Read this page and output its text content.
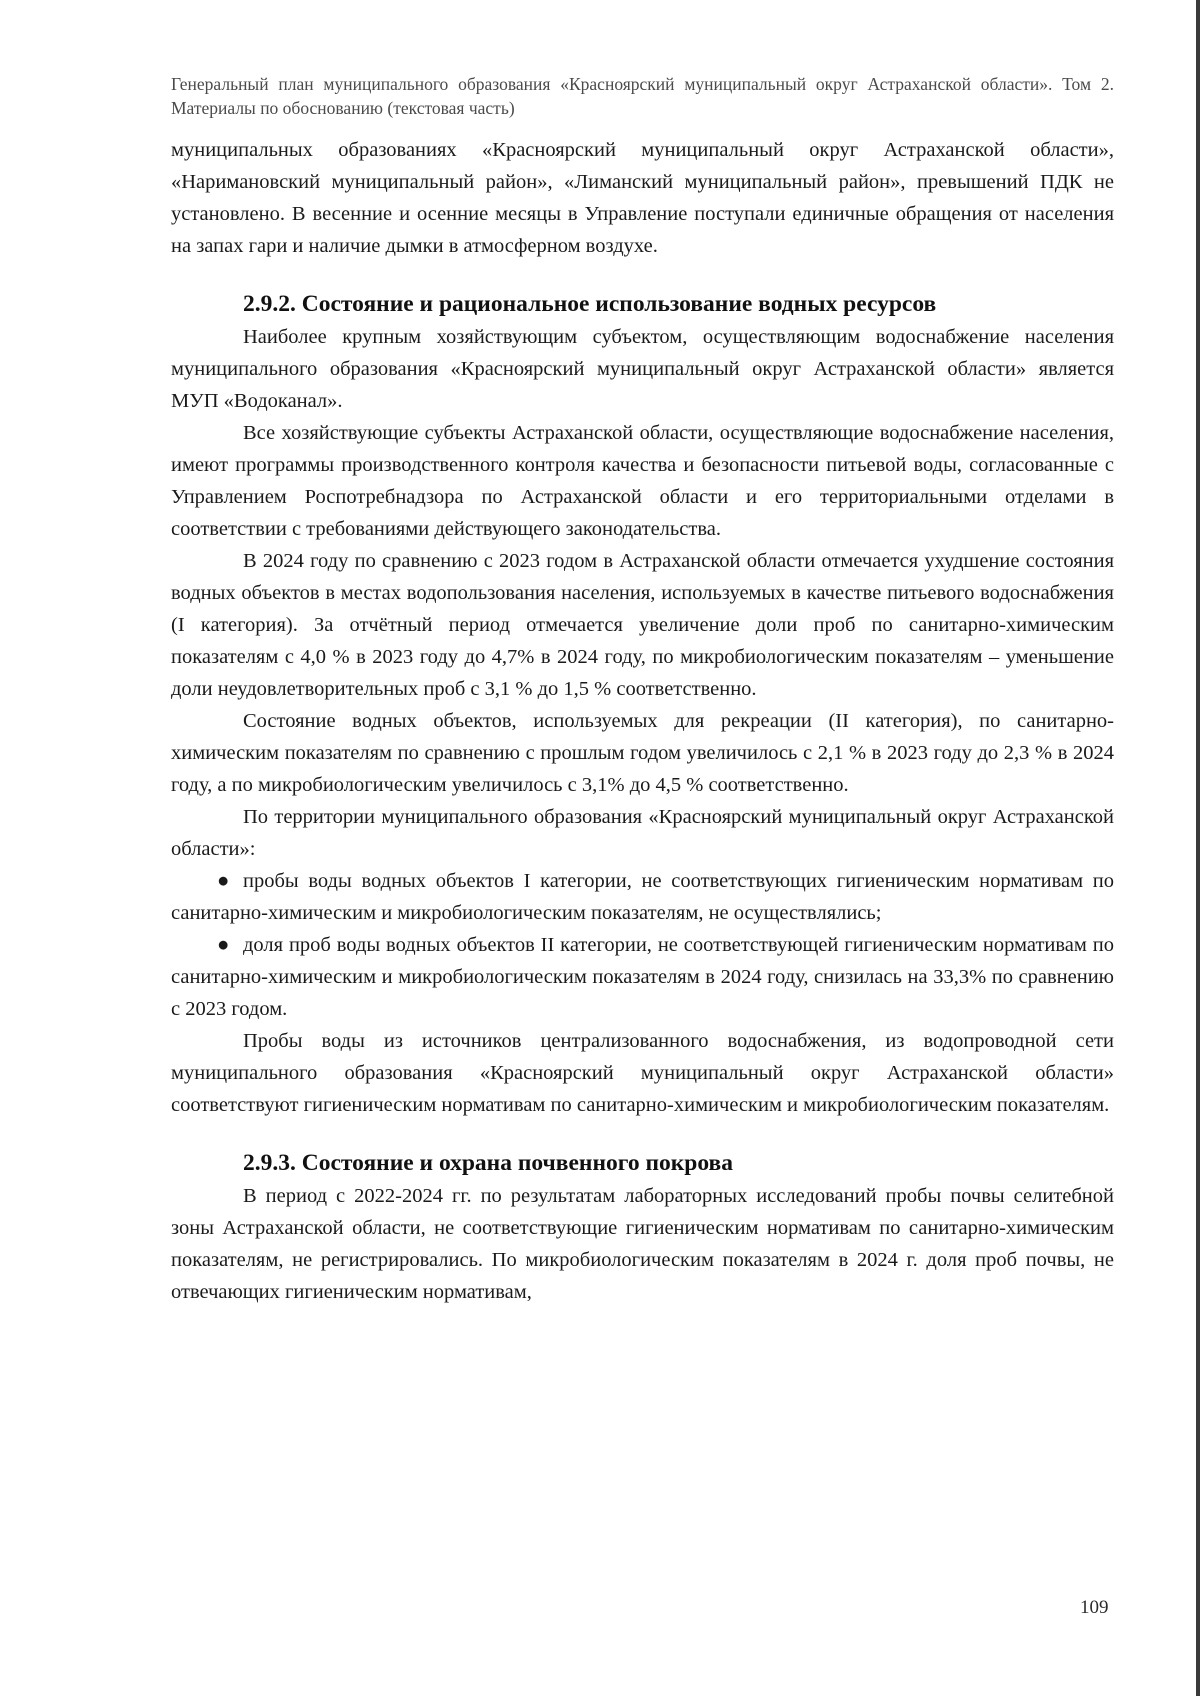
Генеральный план муниципального образования «Красноярский муниципальный округ Астраханской области». Том 2. Материалы по обоснованию (текстовая часть)

муниципальных образованиях «Красноярский муниципальный округ Астраханской области», «Наримановский муниципальный район», «Лиманский муниципальный район», превышений ПДК не установлено. В весенние и осенние месяцы в Управление поступали единичные обращения от населения на запах гари и наличие дымки в атмосферном воздухе.

2.9.2. Состояние и рациональное использование водных ресурсов

Наиболее крупным хозяйствующим субъектом, осуществляющим водоснабжение населения муниципального образования «Красноярский муниципальный округ Астраханской области» является МУП «Водоканал».

Все хозяйствующие субъекты Астраханской области, осуществляющие водоснабжение населения, имеют программы производственного контроля качества и безопасности питьевой воды, согласованные с Управлением Роспотребнадзора по Астраханской области и его территориальными отделами в соответствии с требованиями действующего законодательства.

В 2024 году по сравнению с 2023 годом в Астраханской области отмечается ухудшение состояния водных объектов в местах водопользования населения, используемых в качестве питьевого водоснабжения (I категория). За отчётный период отмечается увеличение доли проб по санитарно-химическим показателям с 4,0 % в 2023 году до 4,7% в 2024 году, по микробиологическим показателям – уменьшение доли неудовлетворительных проб с 3,1 % до 1,5 % соответственно.

Состояние водных объектов, используемых для рекреации (II категория), по санитарно-химическим показателям по сравнению с прошлым годом увеличилось с 2,1 % в 2023 году до 2,3 % в 2024 году, а по микробиологическим увеличилось с 3,1% до 4,5 % соответственно.

По территории муниципального образования «Красноярский муниципальный округ Астраханской области»:

● пробы воды водных объектов I категории, не соответствующих гигиеническим нормативам по санитарно-химическим и микробиологическим показателям, не осуществлялись;
● доля проб воды водных объектов II категории, не соответствующей гигиеническим нормативам по санитарно-химическим и микробиологическим показателям в 2024 году, снизилась на 33,3% по сравнению с 2023 годом.

Пробы воды из источников централизованного водоснабжения, из водопроводной сети муниципального образования «Красноярский муниципальный округ Астраханской области» соответствуют гигиеническим нормативам по санитарно-химическим и микробиологическим показателям.

2.9.3. Состояние и охрана почвенного покрова

В период с 2022-2024 гг. по результатам лабораторных исследований пробы почвы селитебной зоны Астраханской области, не соответствующие гигиеническим нормативам по санитарно-химическим показателям, не регистрировались. По микробиологическим показателям в 2024 г. доля проб почвы, не отвечающих гигиеническим нормативам,

109
